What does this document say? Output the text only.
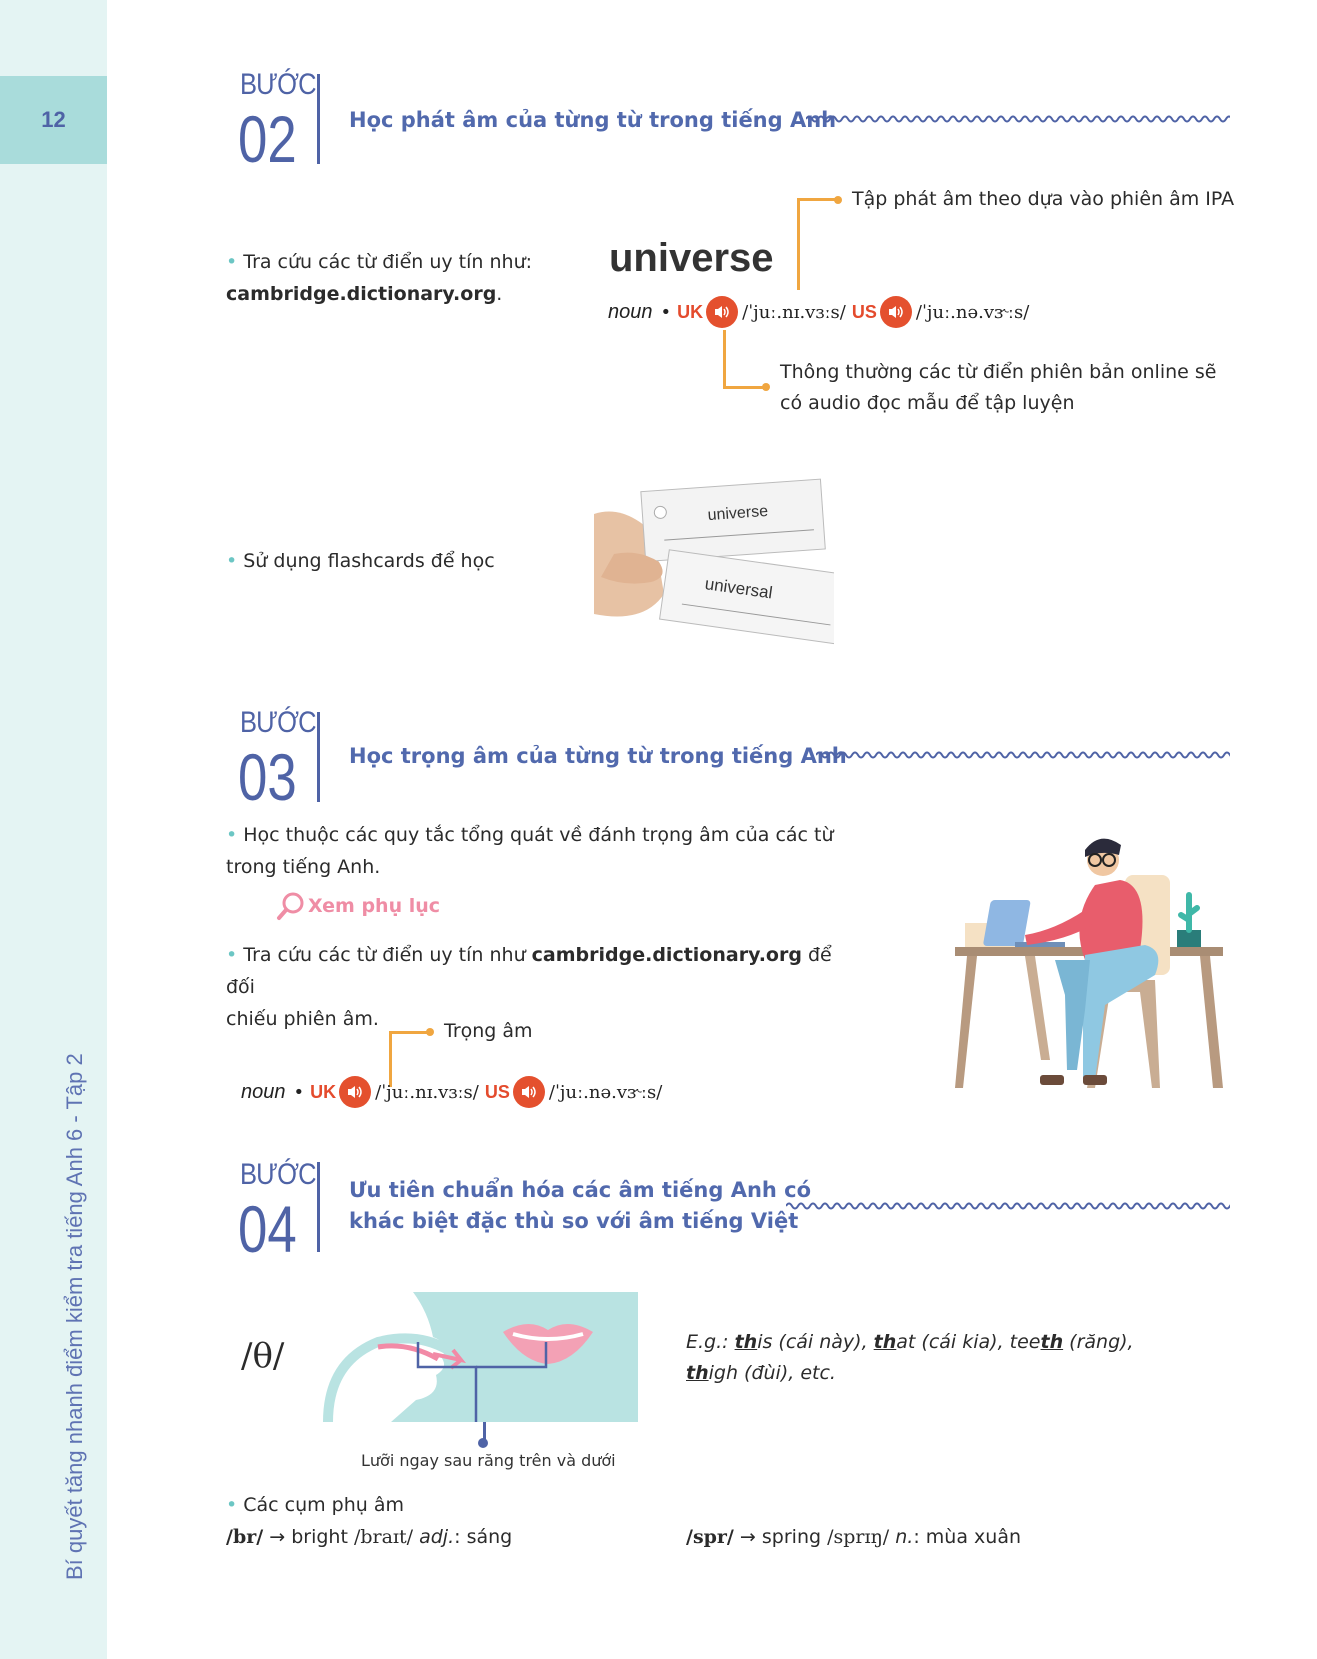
12
Bí quyết tăng nhanh điểm kiểm tra tiếng Anh 6 - Tập 2
BƯỚC
02 Học phát âm của từng từ trong tiếng Anh
• Tra cứu các từ điển uy tín như:
cambridge.dictionary.org.
universe
Tập phát âm theo dựa vào phiên âm IPA
noun • UK /ˈjuː.nɪ.vɜːs/ US /ˈjuː.nə.vɝːs/
Thông thường các từ điển phiên bản online sẽ
có audio đọc mẫu để tập luyện
• Sử dụng flashcards để học
universe
universal
BƯỚC
03 Học trọng âm của từng từ trong tiếng Anh
• Học thuộc các quy tắc tổng quát về đánh trọng âm của các từ
trong tiếng Anh.
Xem phụ lục
• Tra cứu các từ điển uy tín như cambridge.dictionary.org để đối
chiếu phiên âm.
Trọng âm
noun • UK /ˈjuː.nɪ.vɜːs/ US /ˈjuː.nə.vɝːs/
BƯỚC
04
Ưu tiên chuẩn hóa các âm tiếng Anh có
khác biệt đặc thù so với âm tiếng Việt
/θ/
Lưỡi ngay sau răng trên và dưới
E.g.: this (cái này), that (cái kia), teeth (răng), thigh (đùi), etc.
• Các cụm phụ âm
/br/ → bright /braɪt/ adj.: sáng	/spr/ → spring /sprɪŋ/ n.: mùa xuân
